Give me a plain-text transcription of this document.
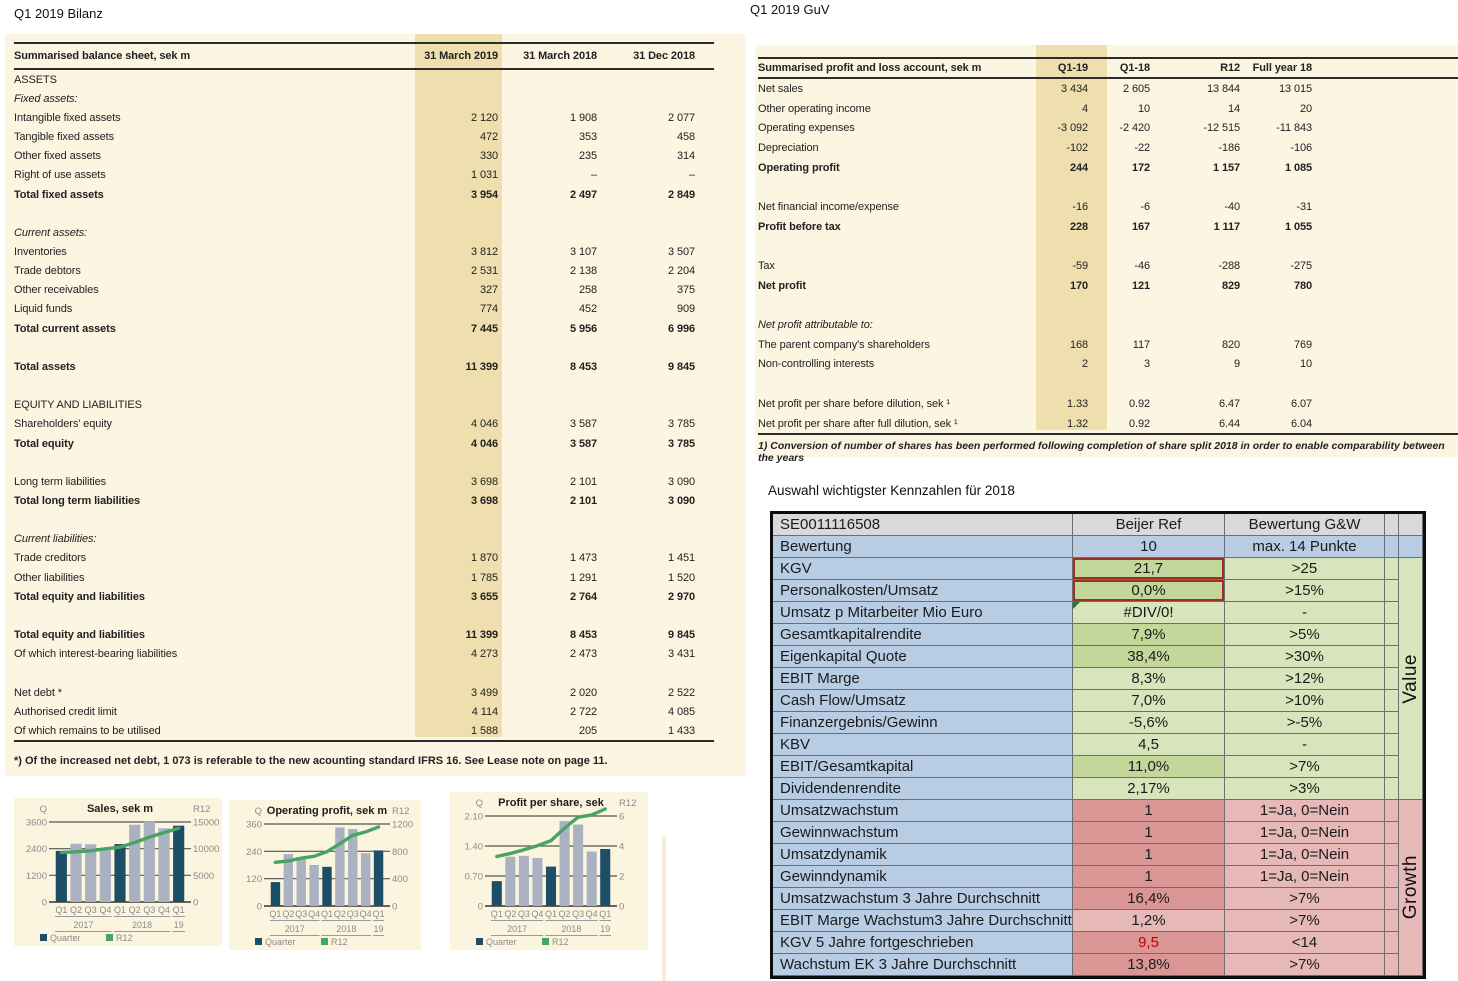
Q1 2019 Bilanz	Q1 2019 GuV
Summarised balance sheet, sek m	31 March 2019	31 March 2018	31 Dec 2018
ASSETS
Fixed assets:
Intangible fixed assets	2 120	1 908	2 077
Tangible fixed assets	472	353	458
Other fixed assets	330	235	314
Right of use assets	1 031	–	–
Total fixed assets	3 954	2 497	2 849
Current assets:
Inventories	3 812	3 107	3 507
Trade debtors	2 531	2 138	2 204
Other receivables	327	258	375
Liquid funds	774	452	909
Total current assets	7 445	5 956	6 996
Total assets	11 399	8 453	9 845
EQUITY AND LIABILITIES
Shareholders' equity	4 046	3 587	3 785
Total equity	4 046	3 587	3 785
Long term liabilities	3 698	2 101	3 090
Total long term liabilities	3 698	2 101	3 090
Current liabilities:
Trade creditors	1 870	1 473	1 451
Other liabilities	1 785	1 291	1 520
Total equity and liabilities	3 655	2 764	2 970
Total equity and liabilities	11 399	8 453	9 845
Of which interest-bearing liabilities	4 273	2 473	3 431
Net debt *	3 499	2 020	2 522
Authorised credit limit	4 114	2 722	4 085
Of which remains to be utilised	1 588	205	1 433
*) Of the increased net debt, 1 073 is referable to the new acounting standard IFRS 16. See Lease note on page 11.
Summarised profit and loss account, sek m	Q1-19	Q1-18	R12	Full year 18
Net sales	3 434	2 605	13 844	13 015
Other operating income	4	10	14	20
Operating expenses	-3 092	-2 420	-12 515	-11 843
Depreciation	-102	-22	-186	-106
Operating profit	244	172	1 157	1 085
Net financial income/expense	-16	-6	-40	-31
Profit before tax	228	167	1 117	1 055
Tax	-59	-46	-288	-275
Net profit	170	121	829	780
Net profit attributable to:
The parent company's shareholders	168	117	820	769
Non-controlling interests	2	3	9	10
Net profit per share before dilution, sek ¹	1.33	0.92	6.47	6.07
Net profit per share after full dilution, sek ¹	1.32	0.92	6.44	6.04
1) Conversion of number of shares has been performed following completion of share split 2018 in order to enable comparability between the years
Auswahl wichtigster Kennzahlen für 2018
SE0011116508	Beijer Ref	Bewertung G&W
Bewertung	10	max. 14 Punkte
KGV	21,7	>25
Personalkosten/Umsatz	0,0%	>15%
Umsatz p Mitarbeiter Mio Euro	#DIV/0!	-
Gesamtkapitalrendite	7,9%	>5%
Eigenkapital Quote	38,4%	>30%
EBIT Marge	8,3%	>12%
Cash Flow/Umsatz	7,0%	>10%
Finanzergebnis/Gewinn	-5,6%	>-5%
KBV	4,5	-
EBIT/Gesamtkapital	11,0%	>7%
Dividendenrendite	2,17%	>3%
Umsatzwachstum	1	1=Ja, 0=Nein
Gewinnwachstum	1	1=Ja, 0=Nein
Umsatzdynamik	1	1=Ja, 0=Nein
Gewinndynamik	1	1=Ja, 0=Nein
Umsatzwachstum 3 Jahre Durchschnitt	16,4%	>7%
EBIT Marge Wachstum3 Jahre Durchschnitt	1,2%	>7%
KGV 5 Jahre fortgeschrieben	9,5	<14
Wachstum EK 3 Jahre Durchschnitt	13,8%	>7%
Value
Growth
Sales, sek m
Q	R12
0	0
1200	5000
2400	10000
3600	15000
Q1 Q2 Q3 Q4 Q1 Q2 Q3 Q4 Q1
2017	2018 19
Quarter	R12
Operating profit, sek m
Q	R12
0	0
120	400
240	800
360	1200
Q1 Q2 Q3 Q4 Q1 Q2 Q3 Q4 Q1
2017	2018 19
Quarter	R12
Profit per share, sek
Q	R12
0	0
0.70	2
1.40	4
2.10	6
Q1 Q2 Q3 Q4 Q1 Q2 Q3 Q4 Q1
2017	2018 19
Quarter	R12
